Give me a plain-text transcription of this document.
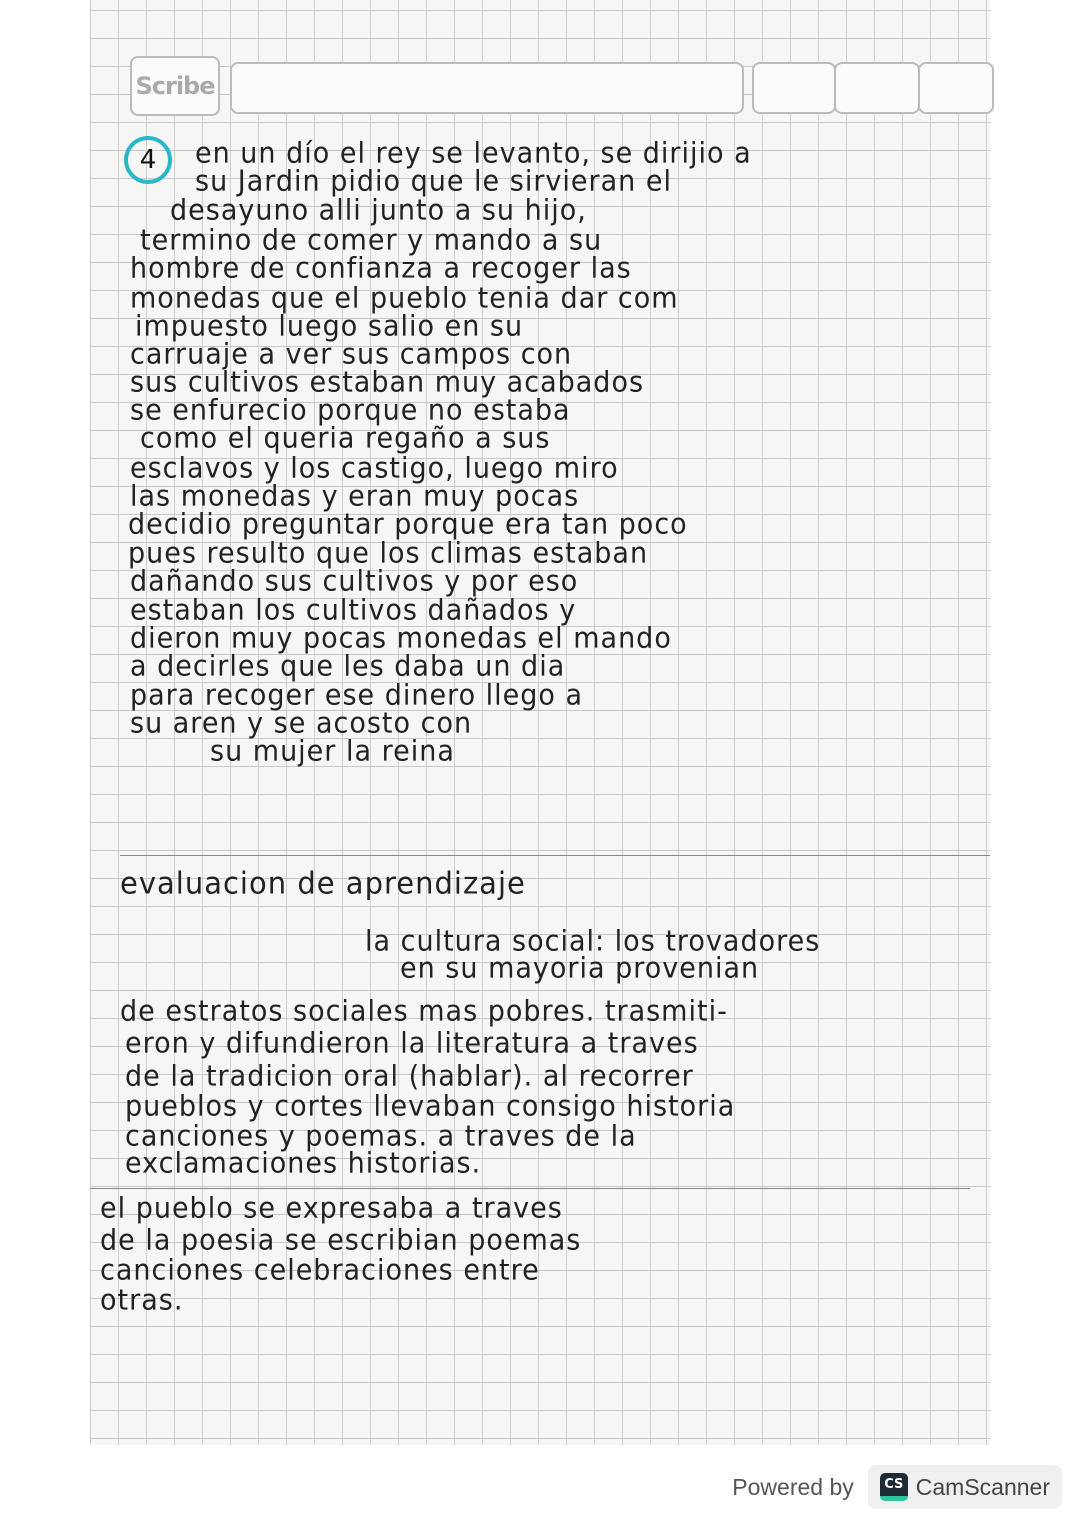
Scribe
4	en un dío el rey se levanto, se dirijio a
su Jardin pidio que le sirvieran el
desayuno alli junto a su hijo,
termino de comer y mando a su
hombre de confianza a recoger las
monedas que el pueblo tenia dar com
impuesto luego salio en su
carruaje a ver sus campos con
sus cultivos estaban muy acabados
se enfurecio porque no estaba
como el queria regaño a sus
esclavos y los castigo, luego miro
las monedas y eran muy pocas
decidio preguntar porque era tan poco
pues resulto que los climas estaban
dañando sus cultivos y por eso
estaban los cultivos dañados y
dieron muy pocas monedas el mando
a decirles que les daba un dia
para recoger ese dinero llego a
su aren y se acosto con
su mujer la reina
evaluacion de aprendizaje
la cultura social: los trovadores
en su mayoria provenian
de estratos sociales mas pobres. trasmiti-
eron y difundieron la literatura a traves
de la tradicion oral (hablar). al recorrer
pueblos y cortes llevaban consigo historia
canciones y poemas. a traves de la
exclamaciones historias.
el pueblo se expresaba a traves
de la poesia se escribian poemas
canciones celebraciones entre
otras.
Powered by	CS CamScanner
